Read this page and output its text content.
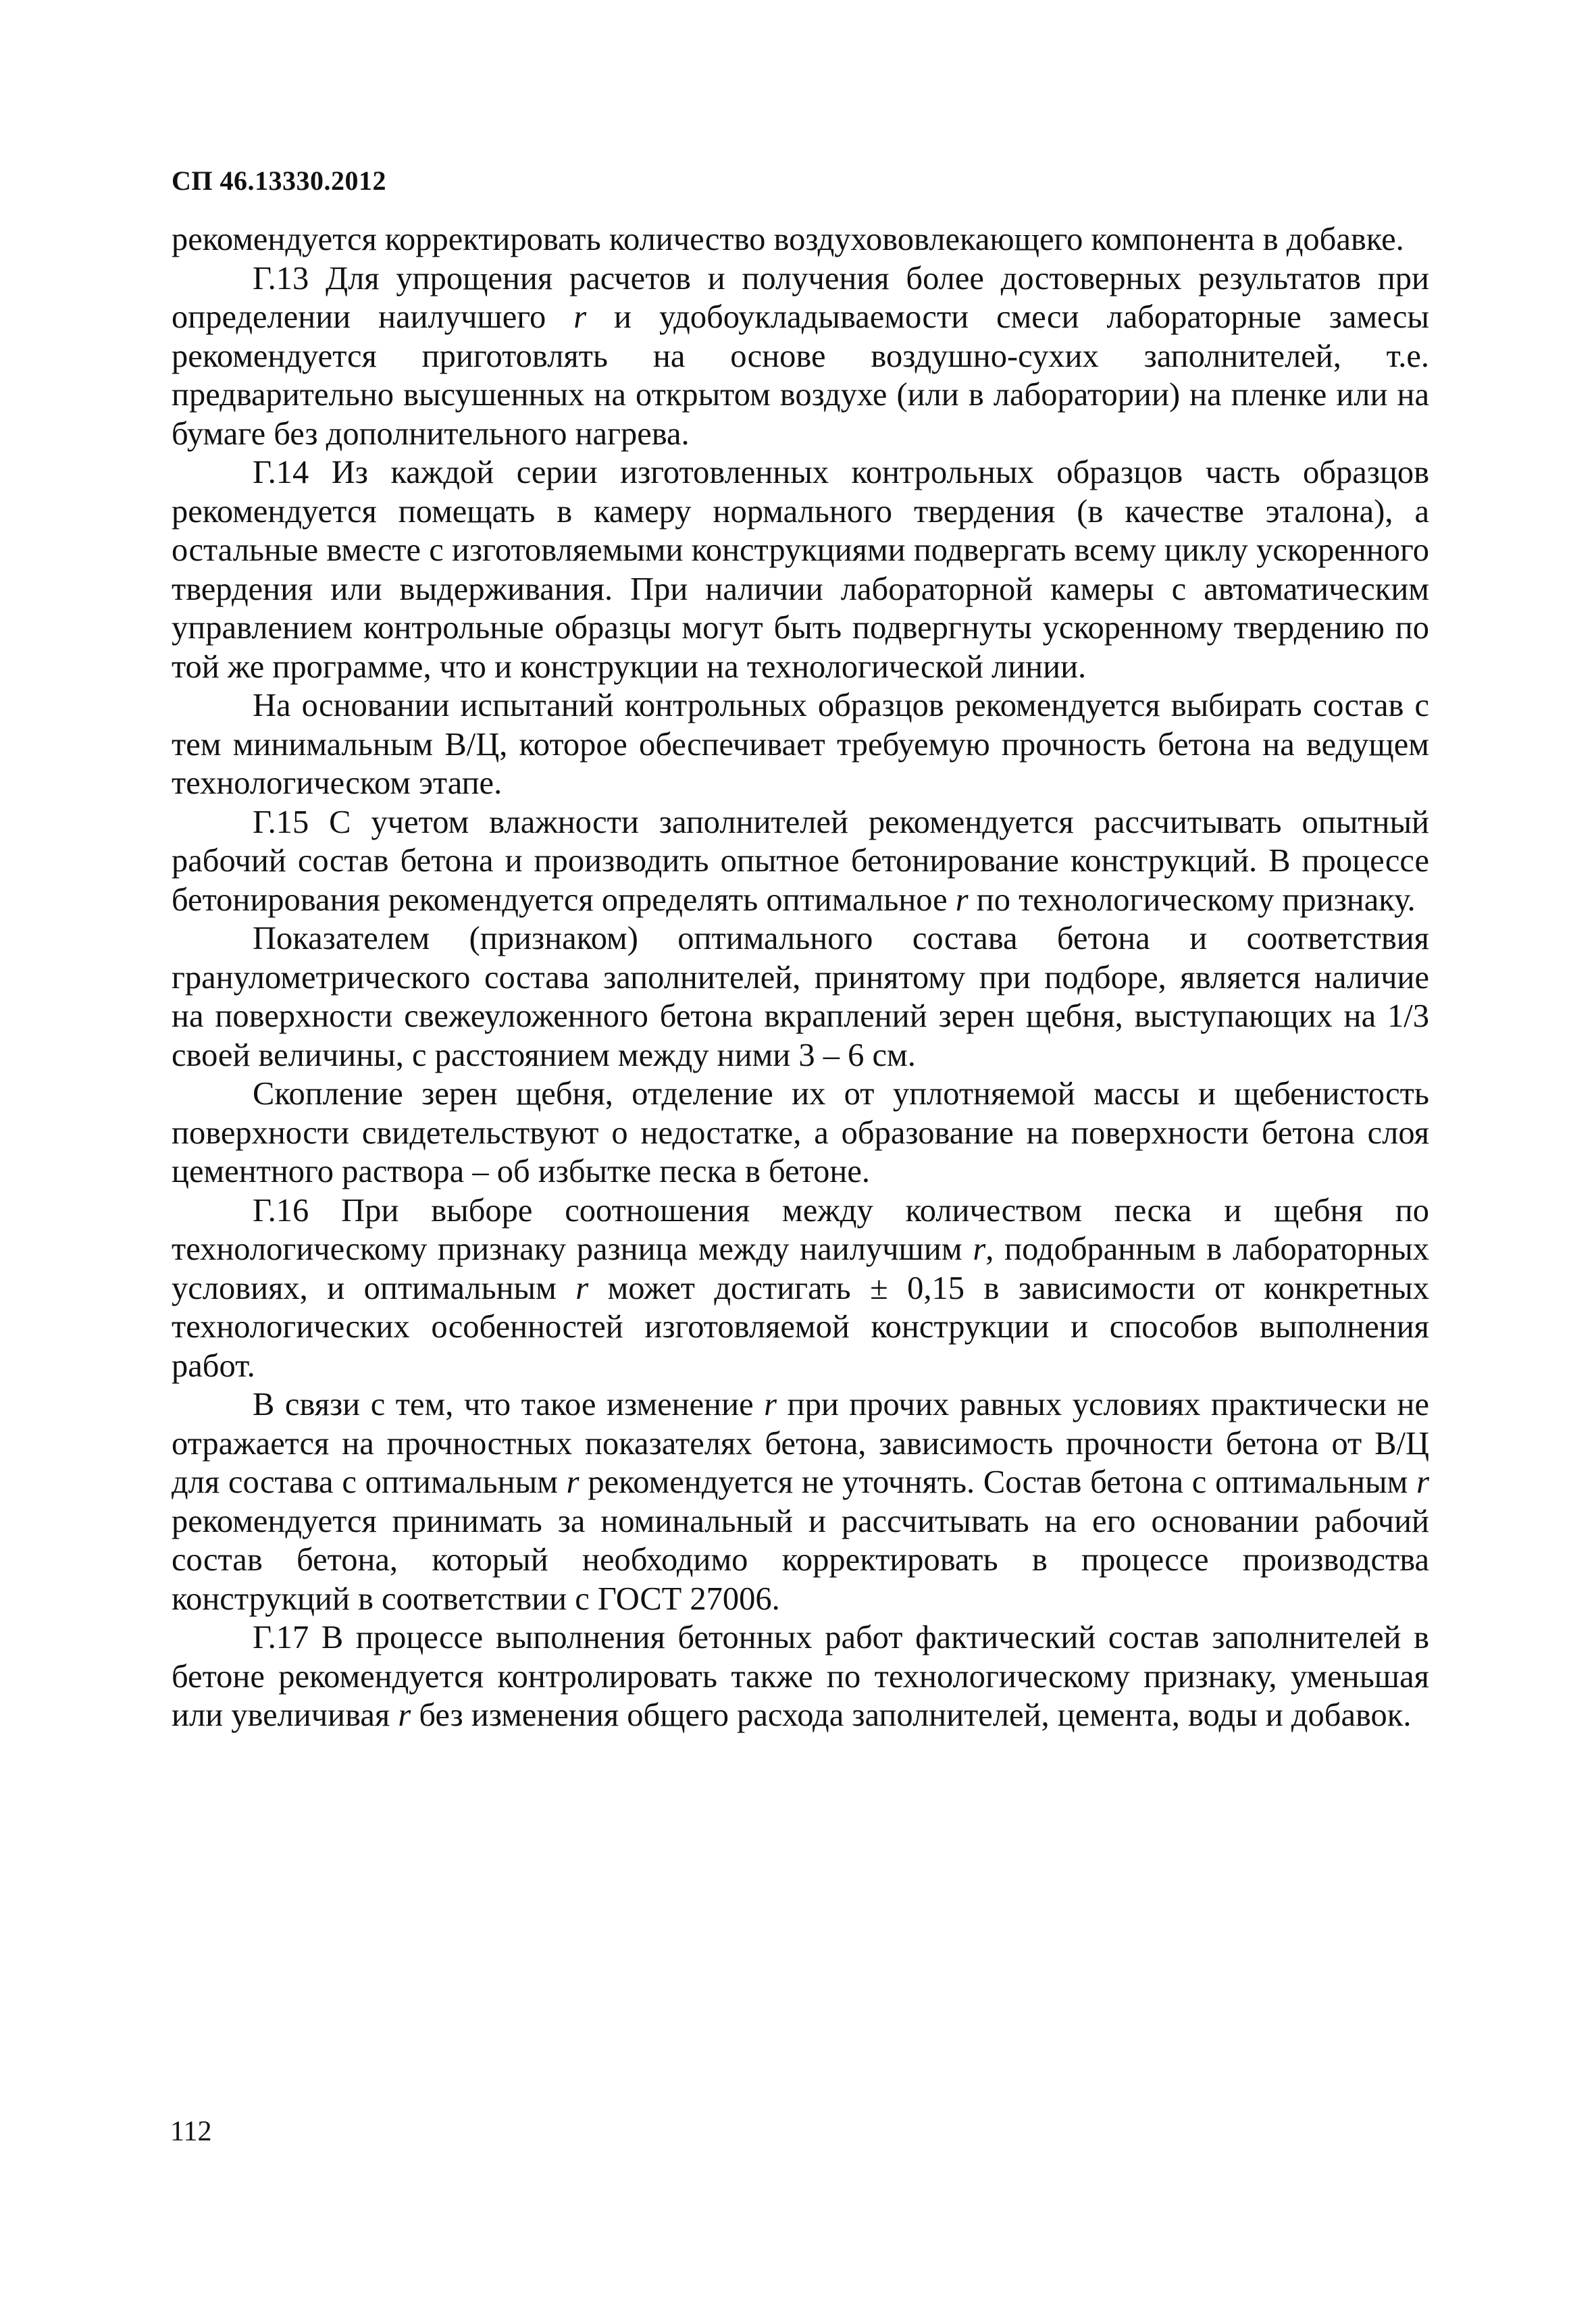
СП 46.13330.2012

рекомендуется корректировать количество воздухововлекающего компонента в добавке.

Г.13 Для упрощения расчетов и получения более достоверных результатов при определении наилучшего r и удобоукладываемости смеси лабораторные замесы рекомендуется приготовлять на основе воздушно-сухих заполнителей, т.е. предварительно высушенных на открытом воздухе (или в лаборатории) на пленке или на бумаге без дополнительного нагрева.

Г.14 Из каждой серии изготовленных контрольных образцов часть образцов рекомендуется помещать в камеру нормального твердения (в качестве эталона), а остальные вместе с изготовляемыми конструкциями подвергать всему циклу ускоренного твердения или выдерживания. При наличии лабораторной камеры с автоматическим управлением контрольные образцы могут быть подвергнуты ускоренному твердению по той же программе, что и конструкции на технологической линии.

На основании испытаний контрольных образцов рекомендуется выбирать состав с тем минимальным В/Ц, которое обеспечивает требуемую прочность бетона на ведущем технологическом этапе.

Г.15 С учетом влажности заполнителей рекомендуется рассчитывать опытный рабочий состав бетона и производить опытное бетонирование конструкций. В процессе бетонирования рекомендуется определять оптимальное r по технологическому признаку.

Показателем (признаком) оптимального состава бетона и соответствия гранулометрического состава заполнителей, принятому при подборе, является наличие на поверхности свежеуложенного бетона вкраплений зерен щебня, выступающих на 1/3 своей величины, с расстоянием между ними 3 – 6 см.

Скопление зерен щебня, отделение их от уплотняемой массы и щебенистость поверхности свидетельствуют о недостатке, а образование на поверхности бетона слоя цементного раствора – об избытке песка в бетоне.

Г.16 При выборе соотношения между количеством песка и щебня по технологическому признаку разница между наилучшим r, подобранным в лабораторных условиях, и оптимальным r может достигать ± 0,15 в зависимости от конкретных технологических особенностей изготовляемой конструкции и способов выполнения работ.

В связи с тем, что такое изменение r при прочих равных условиях практически не отражается на прочностных показателях бетона, зависимость прочности бетона от В/Ц для состава с оптимальным r рекомендуется не уточнять. Состав бетона с оптимальным r рекомендуется принимать за номинальный и рассчитывать на его основании рабочий состав бетона, который необходимо корректировать в процессе производства конструкций в соответствии с ГОСТ 27006.

Г.17 В процессе выполнения бетонных работ фактический состав заполнителей в бетоне рекомендуется контролировать также по технологическому признаку, уменьшая или увеличивая r без изменения общего расхода заполнителей, цемента, воды и добавок.

112
